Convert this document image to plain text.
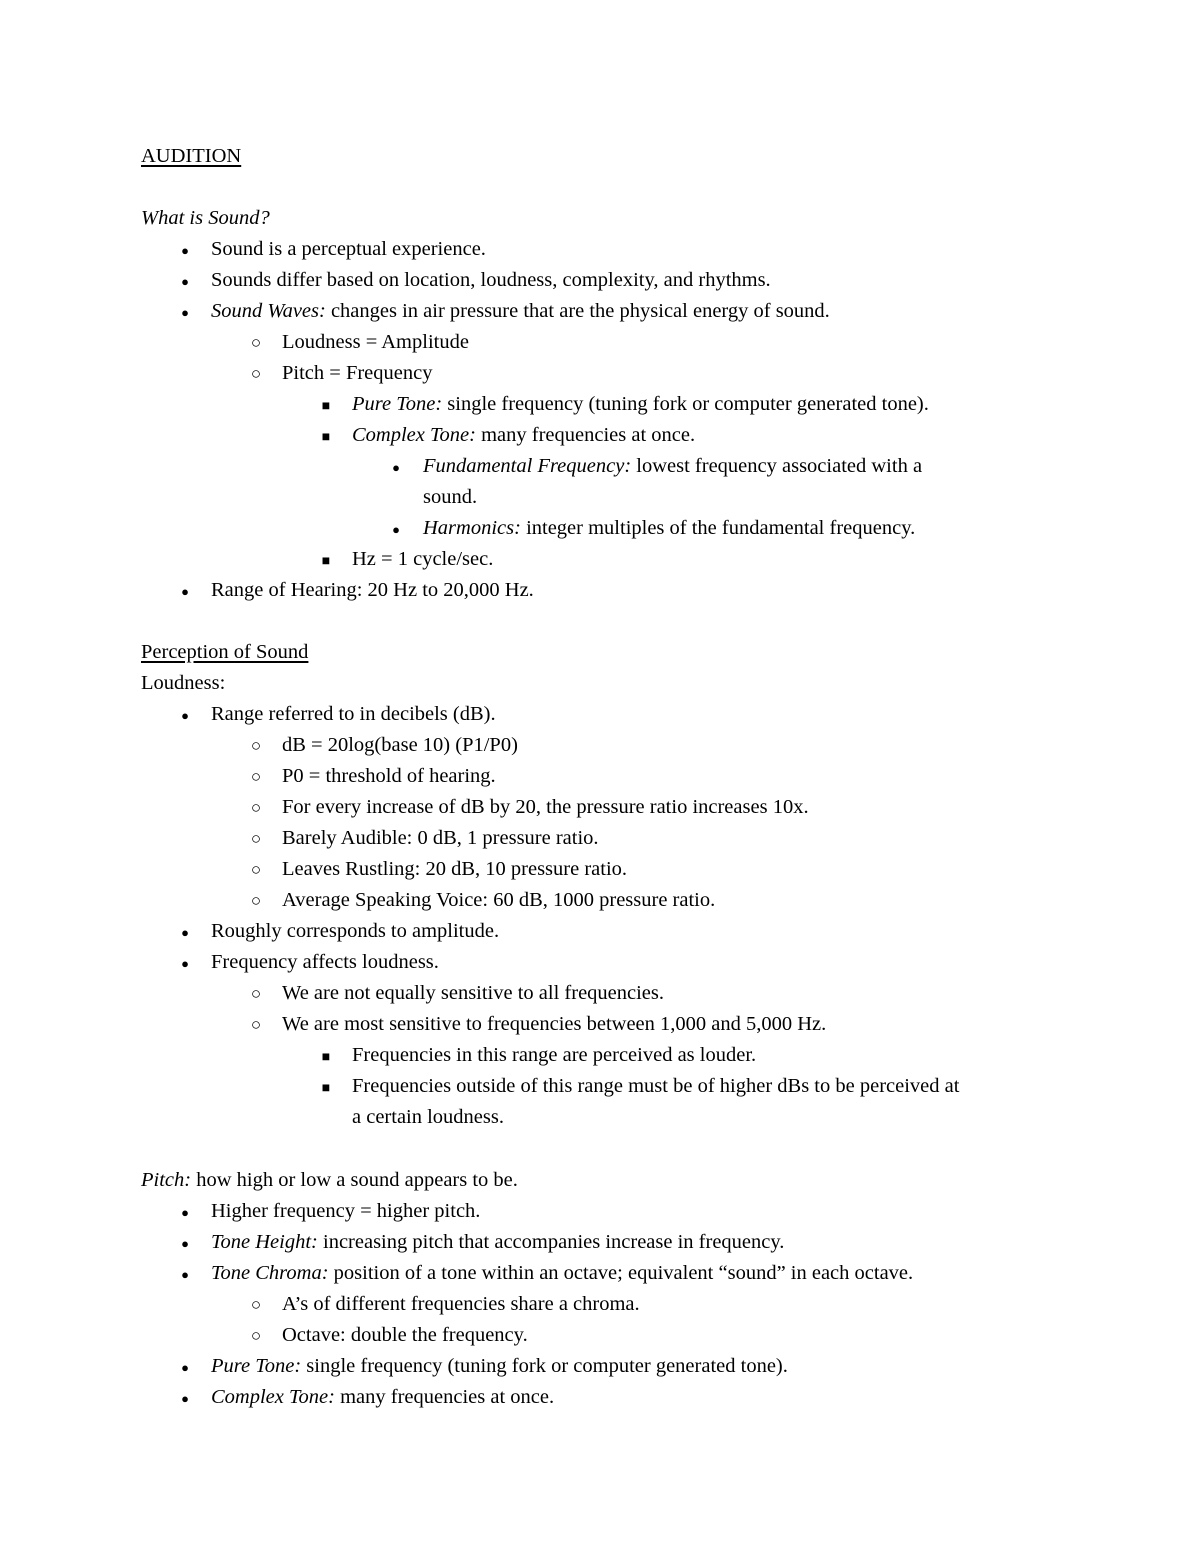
AUDITION
What is Sound?
●
Sound is a perceptual experience.
●
Sounds differ based on location, loudness, complexity, and rhythms.
●
Sound Waves: changes in air pressure that are the physical energy of sound.
○
Loudness = Amplitude
○
Pitch = Frequency
■
Pure Tone: single frequency (tuning fork or computer generated tone).
■
Complex Tone: many frequencies at once.
●
Fundamental Frequency: lowest frequency associated with a
sound.
●
Harmonics: integer multiples of the fundamental frequency.
■
Hz = 1 cycle/sec.
●
Range of Hearing: 20 Hz to 20,000 Hz.
Perception of Sound
Loudness:
●
Range referred to in decibels (dB).
○
dB = 20log(base 10) (P1/P0)
○
P0 = threshold of hearing.
○
For every increase of dB by 20, the pressure ratio increases 10x.
○
Barely Audible: 0 dB, 1 pressure ratio.
○
Leaves Rustling: 20 dB, 10 pressure ratio.
○
Average Speaking Voice: 60 dB, 1000 pressure ratio.
●
Roughly corresponds to amplitude.
●
Frequency affects loudness.
○
We are not equally sensitive to all frequencies.
○
We are most sensitive to frequencies between 1,000 and 5,000 Hz.
■
Frequencies in this range are perceived as louder.
■
Frequencies outside of this range must be of higher dBs to be perceived at
a certain loudness.
Pitch: how high or low a sound appears to be.
●
Higher frequency = higher pitch.
●
Tone Height: increasing pitch that accompanies increase in frequency.
●
Tone Chroma: position of a tone within an octave; equivalent “sound” in each octave.
○
A’s of different frequencies share a chroma.
○
Octave: double the frequency.
●
Pure Tone: single frequency (tuning fork or computer generated tone).
●
Complex Tone: many frequencies at once.
